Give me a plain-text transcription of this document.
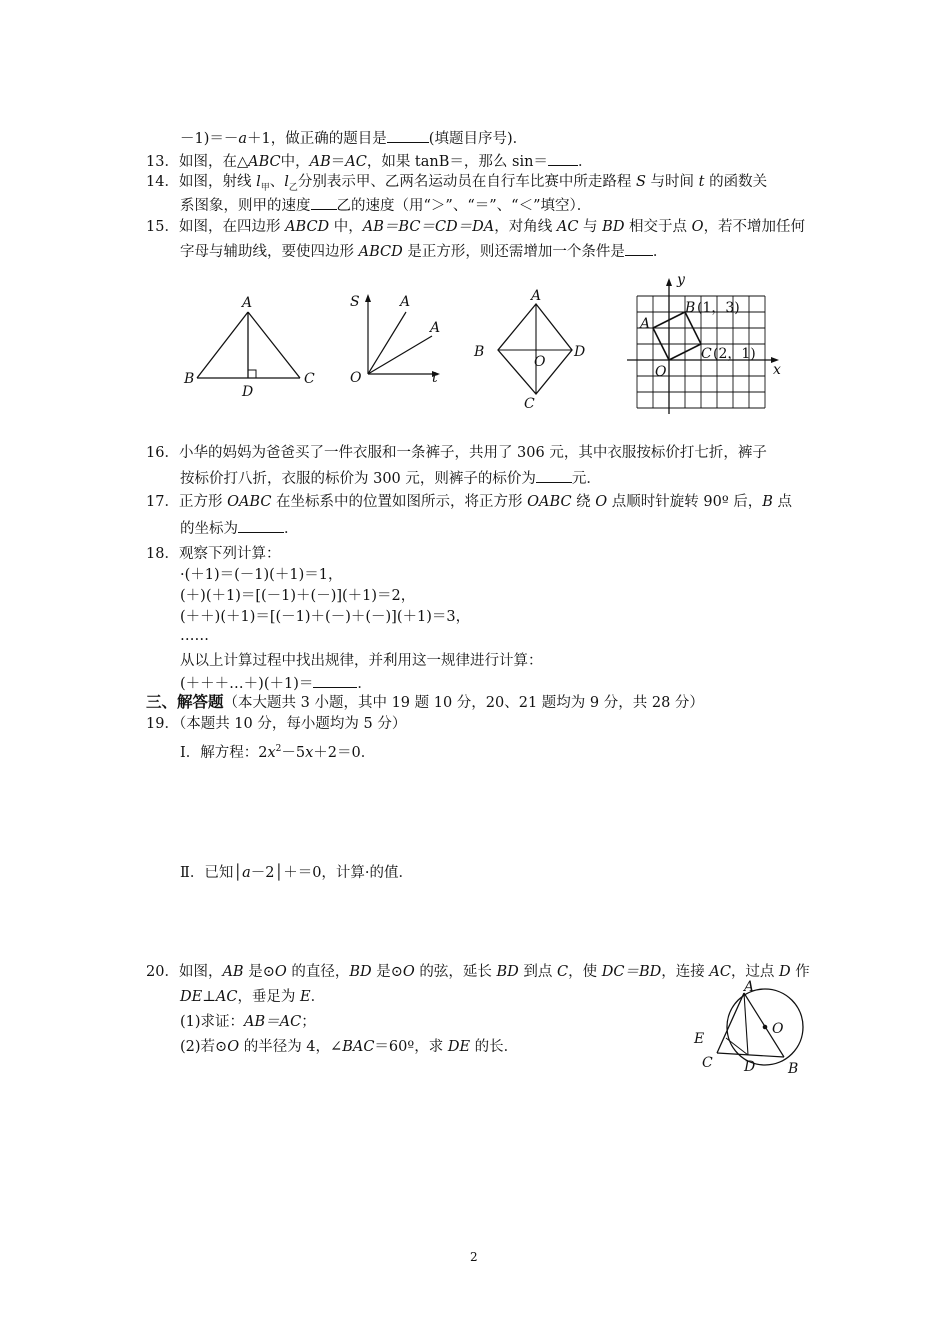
－1)＝－a＋1，做正确的题目是	(填题目序号)．
13．如图，在△ABC中，AB＝AC，如果 tanB＝，那么 sin＝ ．
14．如图，射线 $l_甲$、$l_乙$分别表示甲、乙两名运动员在自行车比赛中所走路程 S 与时间 t 的函数关
系图象，则甲的速度 乙的速度（用“＞”、“＝”、“＜”填空）．
15．如图，在四边形 ABCD 中，AB＝BC＝CD＝DA，对角线 AC 与 BD 相交于点 O，若不增加任何
字母与辅助线，要使四边形 ABCD 是正方形，则还需增加一个条件是 ．
A
B	C
D
S	A
A
O	t
A
B	D
O
C
y
x
O
A
B (1，3)
C (2，1)
16．小华的妈妈为爸爸买了一件衣服和一条裤子，共用了 306 元，其中衣服按标价打七折，裤子
按标价打八折，衣服的标价为 300 元，则裤子的标价为 元．
17．正方形 OABC 在坐标系中的位置如图所示，将正方形 OABC 绕 O 点顺时针旋转 90º 后，B 点
的坐标为	．
18．观察下列计算：
·(＋1)＝(－1)(＋1)＝1，
(＋)(＋1)＝[(－1)＋(－)](＋1)＝2，
(＋＋)(＋1)＝[(－1)＋(－)＋(－)](＋1)＝3，
……
从以上计算过程中找出规律，并利用这一规律进行计算：
(＋＋＋…＋)(＋1)＝	．
三、解答题（本大题共 3 小题，其中 19 题 10 分，20、21 题均为 9 分，共 28 分）
19．（本题共 10 分，每小题均为 5 分）
Ⅰ．解方程：$2x^2-5x+2=0$．
Ⅱ．已知│a－2│＋＝0，计算·的值．
20．如图，AB 是⊙O 的直径，BD 是⊙O 的弦，延长 BD 到点 C，使 DC＝BD，连接 AC，过点 D 作
DE⊥AC，垂足为 E．
(1)求证：AB＝AC；
(2)若⊙O 的半径为 4，∠BAC＝60º，求 DE 的长．
A
O
E
C D B
2
